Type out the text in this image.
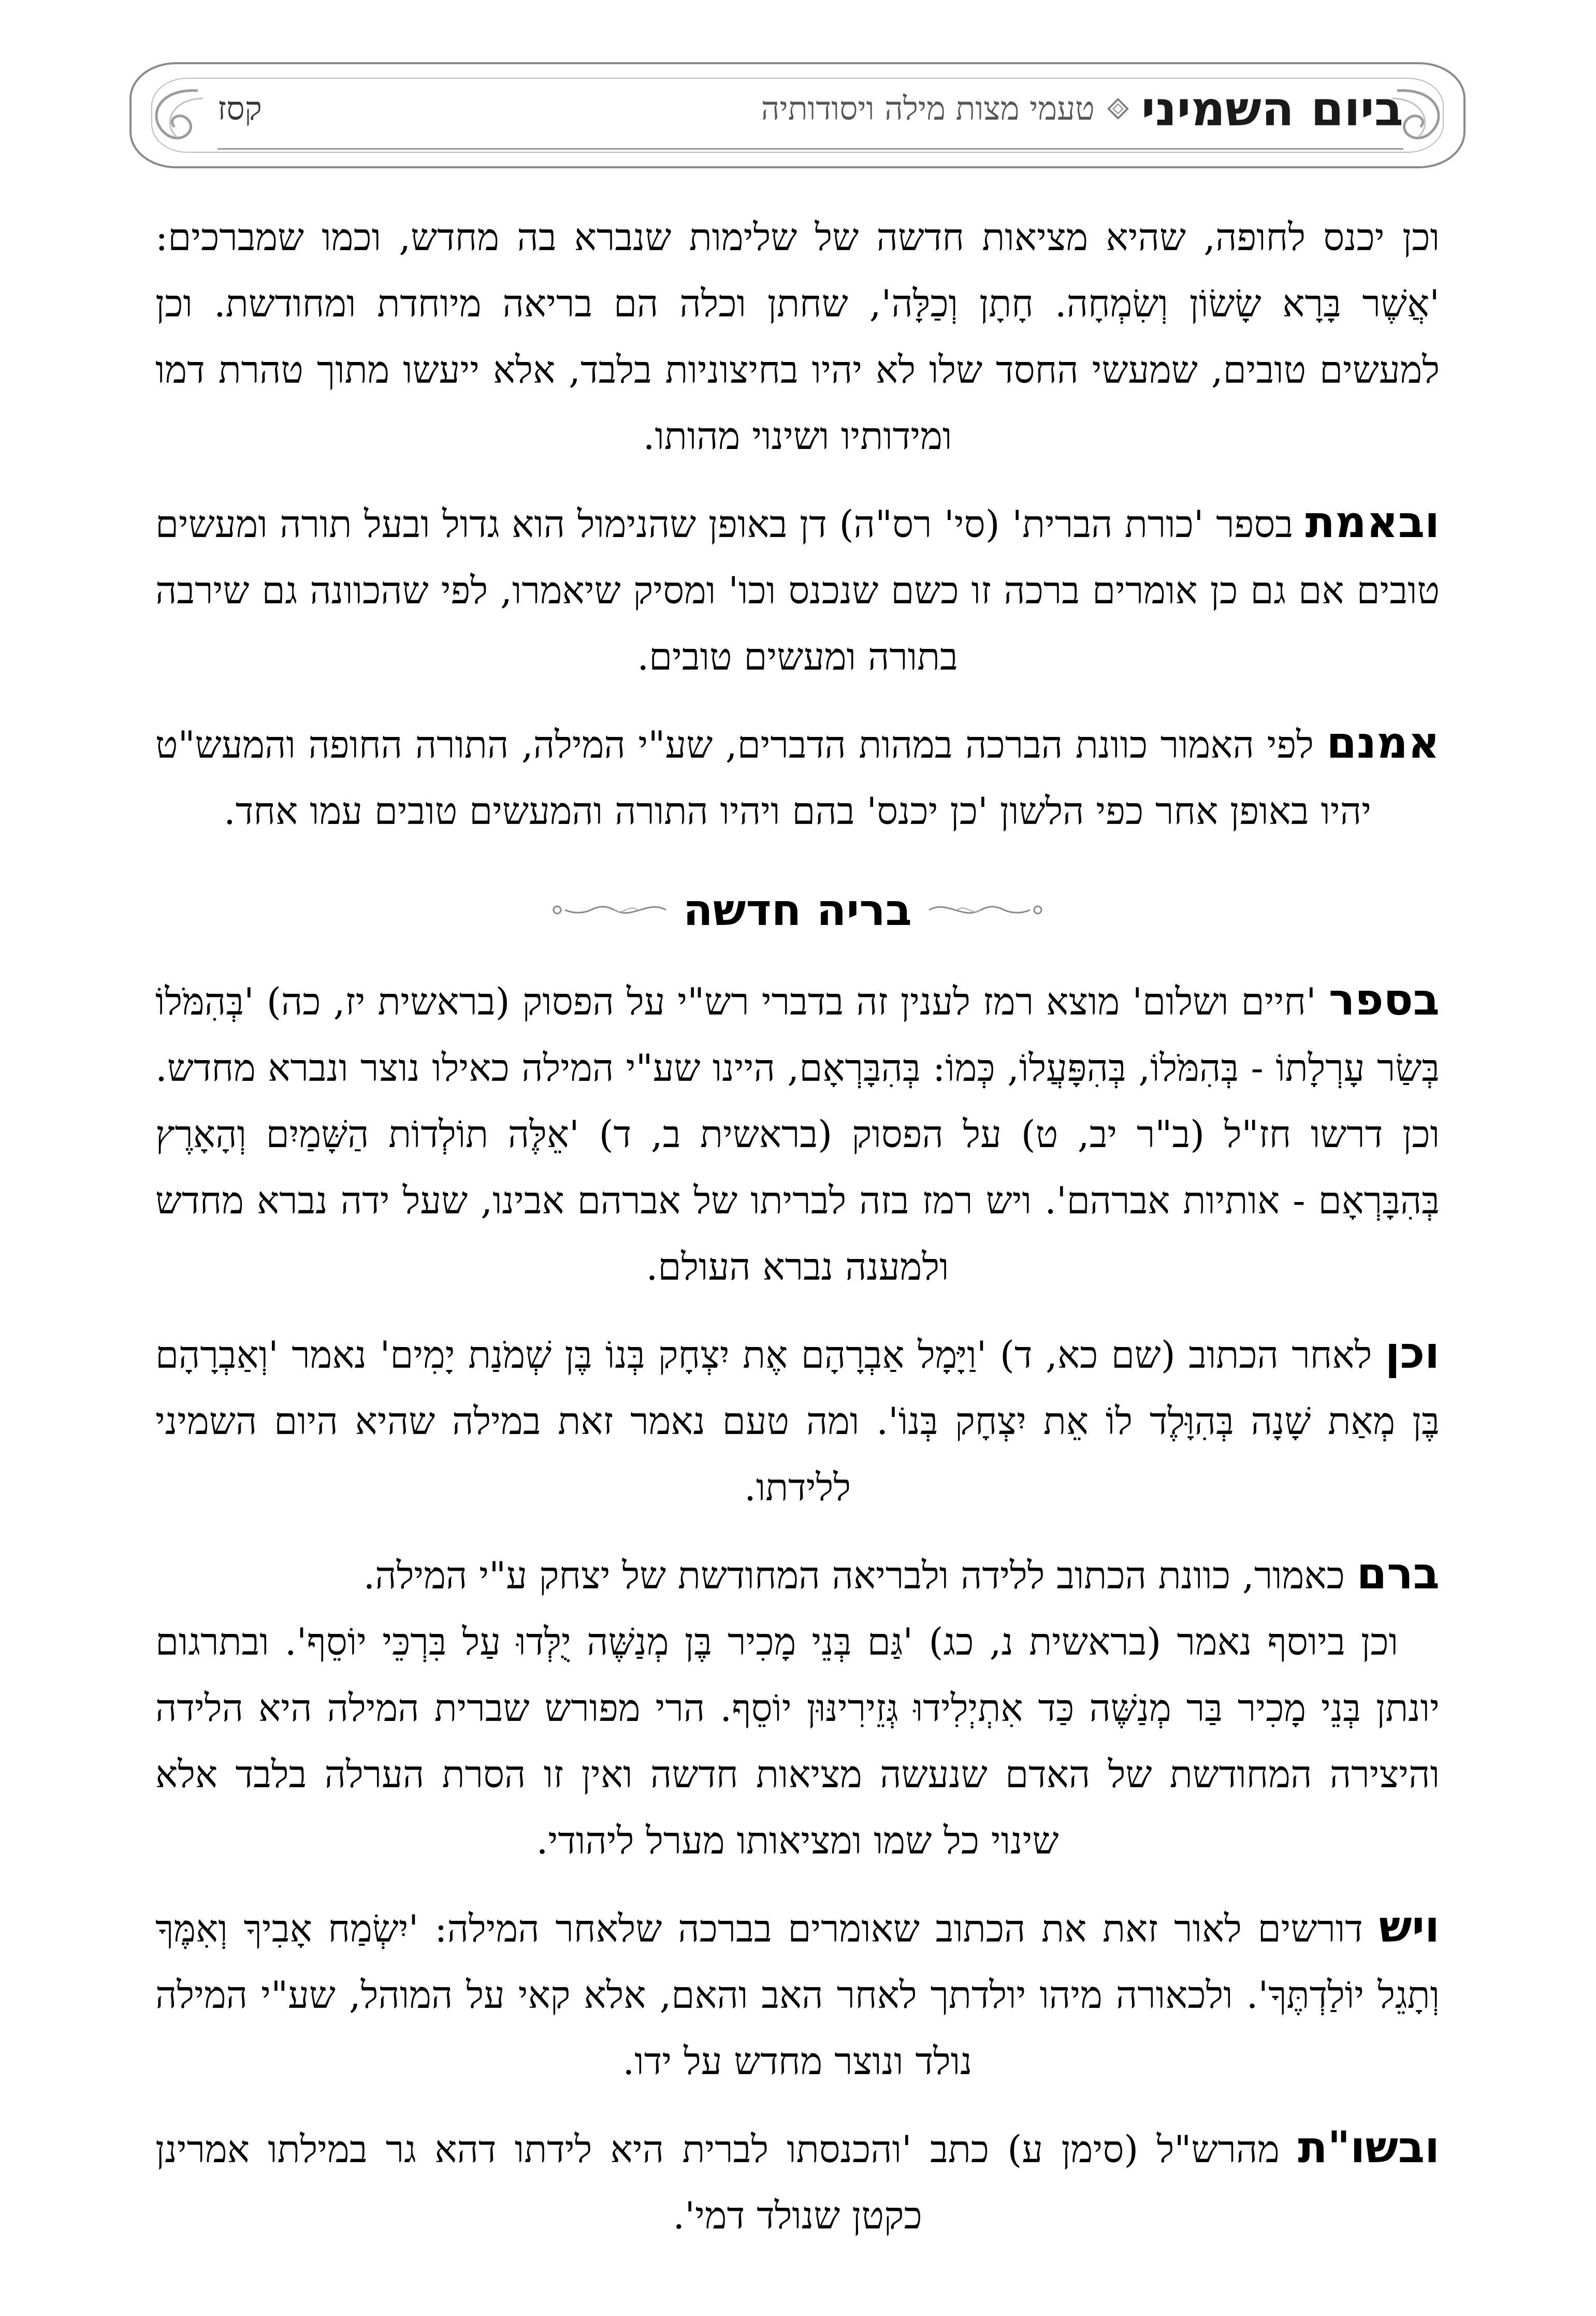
ביום השמיני
טעמי מצות מילה ויסודותיה
קסז

וכן יכנס לחופה, שהיא מציאות חדשה של שלימות שנברא בה מחדש, וכמו שמברכים: 'אֲשֶׁר בָּרָא שָׂשׂוֹן וְשִׂמְחָה. חָתָן וְכַלָּה', שחתן וכלה הם בריאה מיוחדת ומחודשת. וכן למעשים טובים, שמעשי החסד שלו לא יהיו בחיצוניות בלבד, אלא ייעשו מתוך טהרת דמו ומידותיו ושינוי מהותו.

ובאמת בספר 'כורת הברית' (סי' רס"ה) דן באופן שהנימול הוא גדול ובעל תורה ומעשים טובים אם גם כן אומרים ברכה זו כשם שנכנס וכו' ומסיק שיאמרו, לפי שהכוונה גם שירבה בתורה ומעשים טובים.

אמנם לפי האמור כוונת הברכה במהות הדברים, שע"י המילה, התורה החופה והמעש"ט יהיו באופן אחר כפי הלשון 'כן יכנס' בהם ויהיו התורה והמעשים טובים עמו אחד.

בריה חדשה

בספר 'חיים ושלום' מוצא רמז לענין זה בדברי רש"י על הפסוק (בראשית יז, כה) 'בְּהִמֹּלוֹ בְּשַׂר עָרְלָתוֹ - בְּהִמֹּלוֹ, בְּהִפָּעֲלוֹ, כְּמוֹ: בְּהִבָּרְאָם, היינו שע"י המילה כאילו נוצר ונברא מחדש. וכן דרשו חז"ל (ב"ר יב, ט) על הפסוק (בראשית ב, ד) 'אֵלֶּה תוֹלְדוֹת הַשָּׁמַיִם וְהָאָרֶץ בְּהִבָּרְאָם - אותיות אברהם'. ויש רמז בזה לבריתו של אברהם אבינו, שעל ידה נברא מחדש ולמענה נברא העולם.

וכן לאחר הכתוב (שם כא, ד) 'וַיָּמָל אַבְרָהָם אֶת יִצְחָק בְּנוֹ בֶּן שְׁמֹנַת יָמִים' נאמר 'וְאַבְרָהָם בֶּן מְאַת שָׁנָה בְּהִוָּלֶד לוֹ אֵת יִצְחָק בְּנוֹ'. ומה טעם נאמר זאת במילה שהיא היום השמיני ללידתו.

ברם כאמור, כוונת הכתוב ללידה ולבריאה המחודשת של יצחק ע"י המילה.

וכן ביוסף נאמר (בראשית נ, כג) 'גַּם בְּנֵי מָכִיר בֶּן מְנַשֶּׁה יֻלְּדוּ עַל בִּרְכֵּי יוֹסֵף'. ובתרגום יונתן בְּנֵי מָכִיר בַּר מְנַשֶּׁה כַּד אִתְיְלִידוּ גְּזֵירִינּוּן יוֹסֵף. הרי מפורש שברית המילה היא הלידה והיצירה המחודשת של האדם שנעשה מציאות חדשה ואין זו הסרת הערלה בלבד אלא שינוי כל שמו ומציאותו מערל ליהודי.

ויש דורשים לאור זאת את הכתוב שאומרים בברכה שלאחר המילה: 'יִשְׂמַח אָבִיךָ וְאִמֶּךָ וְתָגֵל יוֹלַדְתֶּךָ'. ולכאורה מיהו יולדתך לאחר האב והאם, אלא קאי על המוהל, שע"י המילה נולד ונוצר מחדש על ידו.

ובשו"ת מהרש"ל (סימן ע) כתב 'והכנסתו לברית היא לידתו דהא גר במילתו אמרינן כקטן שנולד דמי'.
